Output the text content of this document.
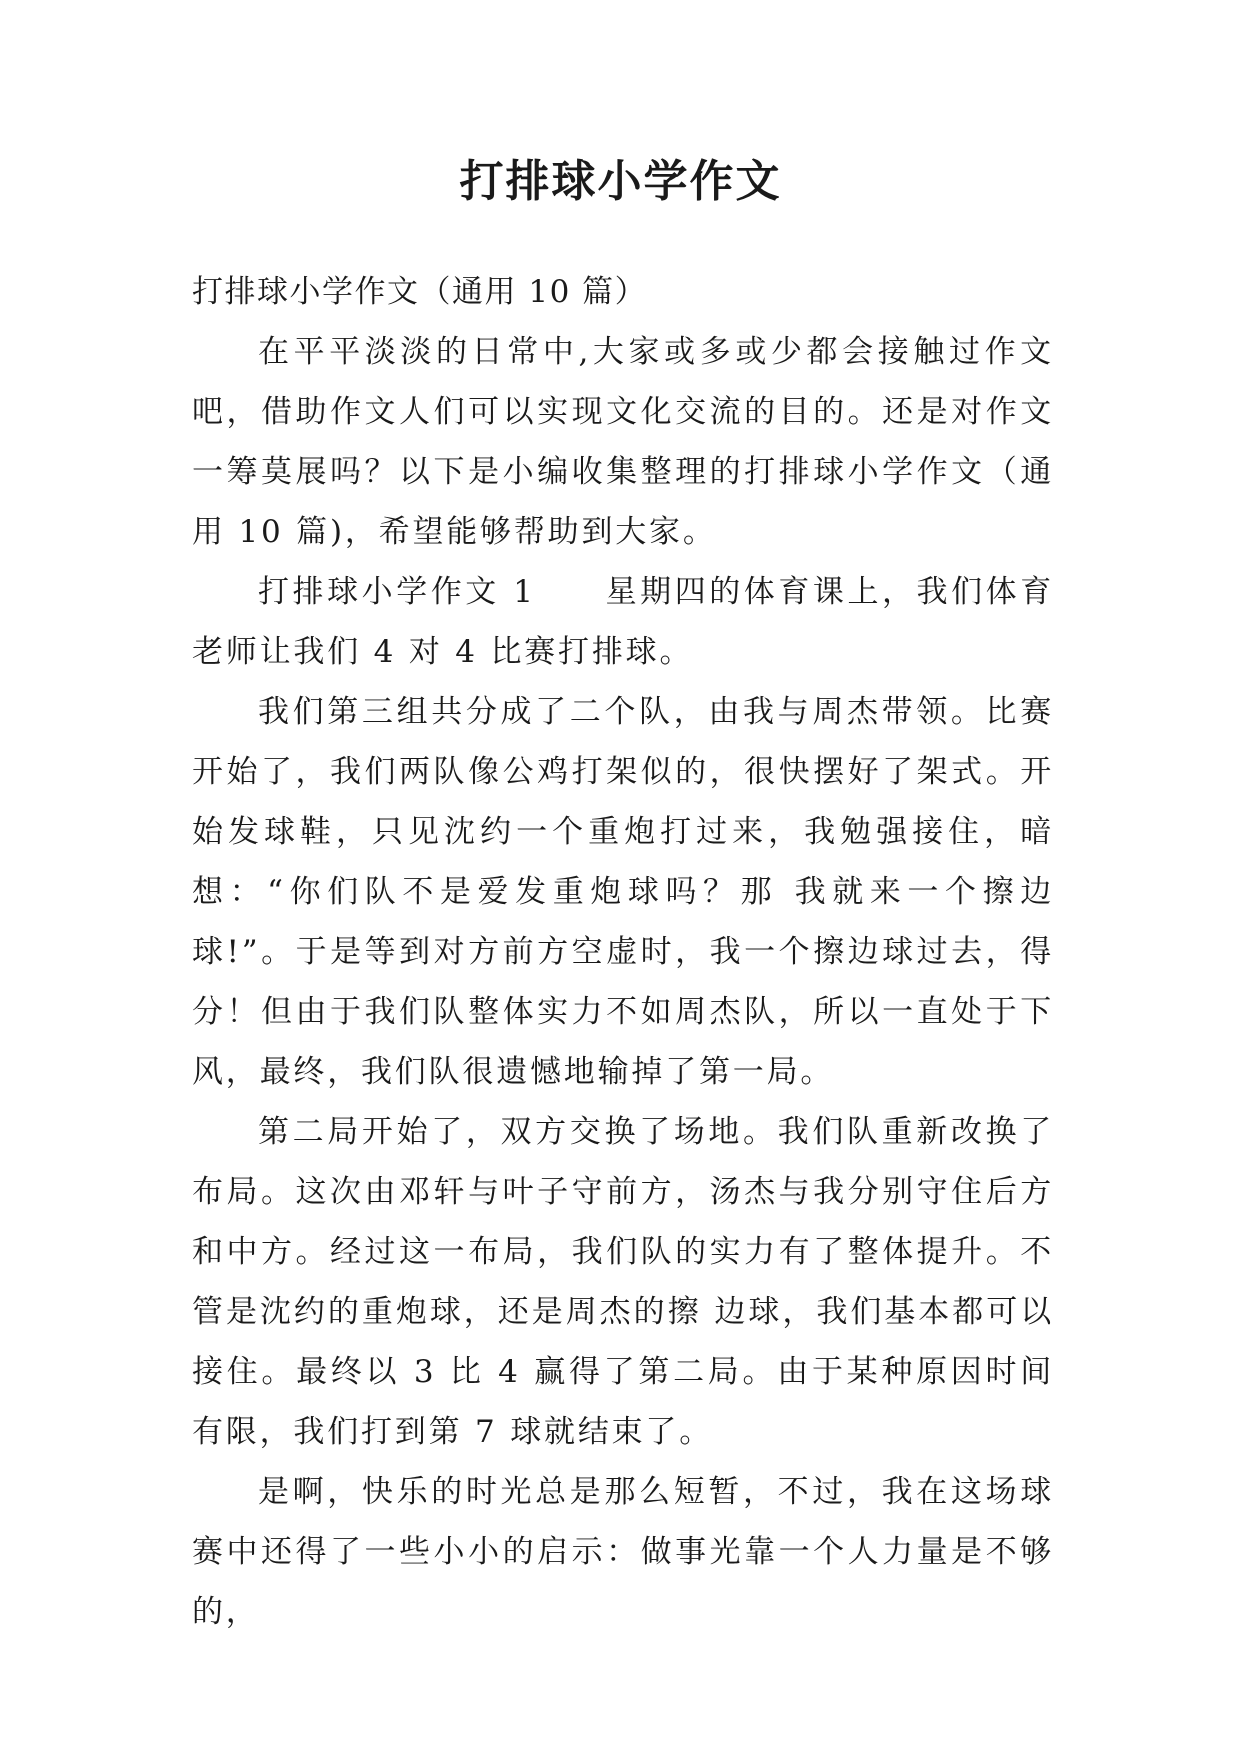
打排球小学作文

打排球小学作文（通用 10 篇）

在平平淡淡的日常中,大家或多或少都会接触过作文吧，借助作文人们可以实现文化交流的目的。还是对作文一筹莫展吗？以下是小编收集整理的打排球小学作文（通用 10 篇)，希望能够帮助到大家。

打排球小学作文 1　　星期四的体育课上，我们体育老师让我们 4 对 4 比赛打排球。

我们第三组共分成了二个队，由我与周杰带领。比赛开始了，我们两队像公鸡打架似的，很快摆好了架式。开始发球鞋，只见沈约一个重炮打过来，我勉强接住，暗想：“你们队不是爱发重炮球吗？那 我就来一个擦边球!”。于是等到对方前方空虚时，我一个擦边球过去，得分！但由于我们队整体实力不如周杰队，所以一直处于下风，最终，我们队很遗憾地输掉了第一局。

第二局开始了，双方交换了场地。我们队重新改换了布局。这次由邓轩与叶子守前方，汤杰与我分别守住后方和中方。经过这一布局，我们队的实力有了整体提升。不管是沈约的重炮球，还是周杰的擦 边球，我们基本都可以接住。最终以 3 比 4 赢得了第二局。由于某种原因时间有限，我们打到第 7 球就结束了。

是啊，快乐的时光总是那么短暂，不过，我在这场球赛中还得了一些小小的启示：做事光靠一个人力量是不够的，
